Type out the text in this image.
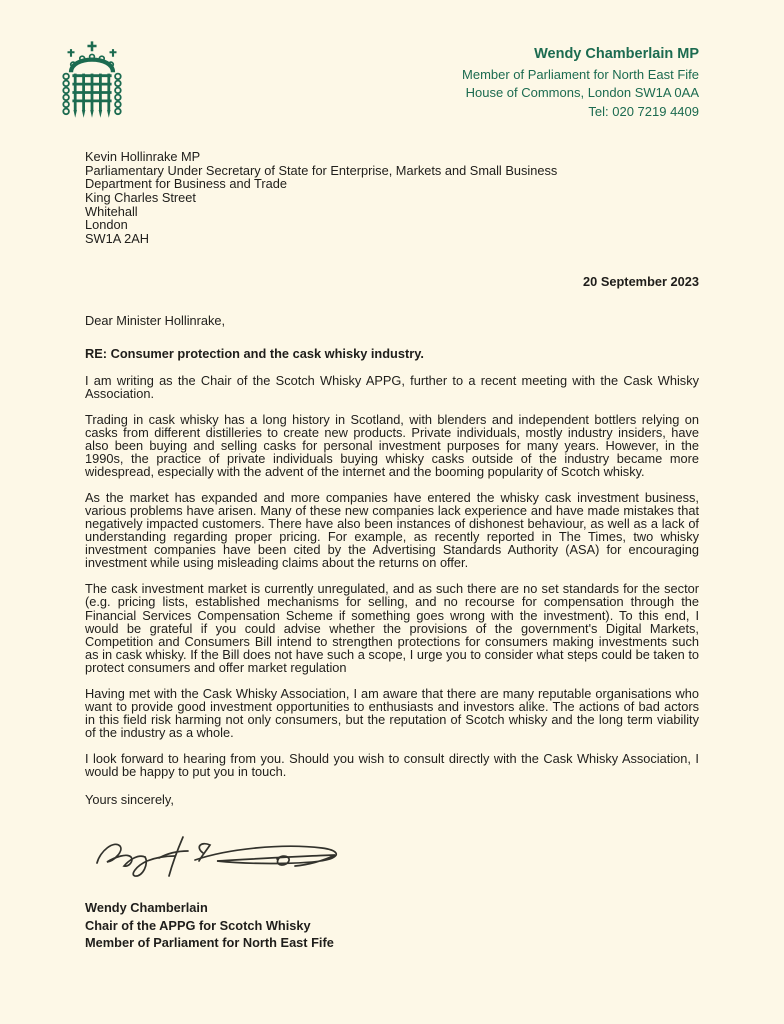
Wendy Chamberlain MP
Member of Parliament for North East Fife
House of Commons, London SW1A 0AA
Tel: 020 7219 4409
Kevin Hollinrake MP
Parliamentary Under Secretary of State for Enterprise, Markets and Small Business
Department for Business and Trade
King Charles Street
Whitehall
London
SW1A 2AH
20 September 2023
Dear Minister Hollinrake,
RE: Consumer protection and the cask whisky industry.

I am writing as the Chair of the Scotch Whisky APPG, further to a recent meeting with the Cask Whisky Association.

Trading in cask whisky has a long history in Scotland, with blenders and independent bottlers relying on casks from different distilleries to create new products. Private individuals, mostly industry insiders, have also been buying and selling casks for personal investment purposes for many years. However, in the 1990s, the practice of private individuals buying whisky casks outside of the industry became more widespread, especially with the advent of the internet and the booming popularity of Scotch whisky.

As the market has expanded and more companies have entered the whisky cask investment business, various problems have arisen. Many of these new companies lack experience and have made mistakes that negatively impacted customers. There have also been instances of dishonest behaviour, as well as a lack of understanding regarding proper pricing. For example, as recently reported in The Times, two whisky investment companies have been cited by the Advertising Standards Authority (ASA) for encouraging investment while using misleading claims about the returns on offer.

The cask investment market is currently unregulated, and as such there are no set standards for the sector (e.g. pricing lists, established mechanisms for selling, and no recourse for compensation through the Financial Services Compensation Scheme if something goes wrong with the investment). To this end, I would be grateful if you could advise whether the provisions of the government's Digital Markets, Competition and Consumers Bill intend to strengthen protections for consumers making investments such as in cask whisky. If the Bill does not have such a scope, I urge you to consider what steps could be taken to protect consumers and offer market regulation

Having met with the Cask Whisky Association, I am aware that there are many reputable organisations who want to provide good investment opportunities to enthusiasts and investors alike. The actions of bad actors in this field risk harming not only consumers, but the reputation of Scotch whisky and the long term viability of the industry as a whole.

I look forward to hearing from you. Should you wish to consult directly with the Cask Whisky Association, I would be happy to put you in touch.

Yours sincerely,
Wendy Chamberlain
Chair of the APPG for Scotch Whisky
Member of Parliament for North East Fife
